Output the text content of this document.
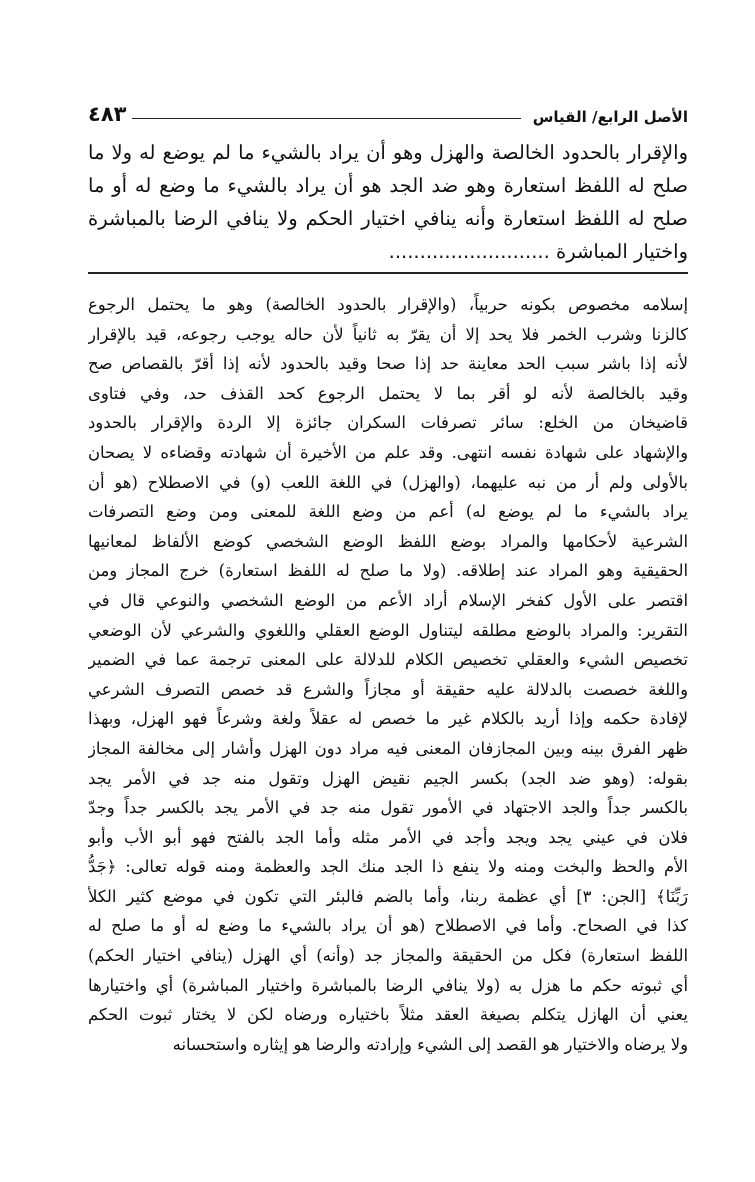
الأصل الرابع/ القياس
٤٨٣
والإقرار بالحدود الخالصة والهزل وهو أن يراد بالشيء ما لم يوضع له ولا ما
صلح له اللفظ استعارة وهو ضد الجد هو أن يراد بالشيء ما وضع له أو ما
صلح له اللفظ استعارة وأنه ينافي اختيار الحكم ولا ينافي الرضا بالمباشرة
واختيار المباشرة ..........................
إسلامه مخصوص بكونه حربياً، (والإقرار بالحدود الخالصة) وهو ما يحتمل الرجوع
كالزنا وشرب الخمر فلا يحد إلا أن يقرّ به ثانياً لأن حاله يوجب رجوعه، قيد بالإقرار
لأنه إذا باشر سبب الحد معاينة حد إذا صحا وقيد بالحدود لأنه إذا أقرّ بالقصاص صح
وقيد بالخالصة لأنه لو أقر بما لا يحتمل الرجوع كحد القذف حد، وفي فتاوى
قاضيخان من الخلع: سائر تصرفات السكران جائزة إلا الردة والإقرار بالحدود
والإشهاد على شهادة نفسه انتهى. وقد علم من الأخيرة أن شهادته وقضاءه لا يصحان
بالأولى ولم أر من نبه عليهما، (والهزل) في اللغة اللعب (و) في الاصطلاح (هو أن
يراد بالشيء ما لم يوضع له) أعم من وضع اللغة للمعنى ومن وضع التصرفات
الشرعية لأحكامها والمراد بوضع اللفظ الوضع الشخصي كوضع الألفاظ لمعانيها
الحقيقية وهو المراد عند إطلاقه. (ولا ما صلح له اللفظ استعارة) خرج المجاز ومن
اقتصر على الأول كفخر الإسلام أراد الأعم من الوضع الشخصي والنوعي قال في
التقرير: والمراد بالوضع مطلقه ليتناول الوضع العقلي واللغوي والشرعي لأن الوضعي
تخصيص الشيء والعقلي تخصيص الكلام للدلالة على المعنى ترجمة عما في الضمير
واللغة خصصت بالدلالة عليه حقيقة أو مجازاً والشرع قد خصص التصرف الشرعي
لإفادة حكمه وإذا أريد بالكلام غير ما خصص له عقلاً ولغة وشرعاً فهو الهزل، وبهذا
ظهر الفرق بينه وبين المجازفان المعنى فيه مراد دون الهزل وأشار إلى مخالفة المجاز
بقوله: (وهو ضد الجد) بكسر الجيم نقيض الهزل وتقول منه جد في الأمر يجد
بالكسر جداً والجد الاجتهاد في الأمور تقول منه جد في الأمر يجد بالكسر جداً وجدّ
فلان في عيني يجد ويجد وأجد في الأمر مثله وأما الجد بالفتح فهو أبو الأب وأبو
الأم والحظ والبخت ومنه ولا ينفع ذا الجد منك الجد والعظمة ومنه قوله تعالى: ﴿جَدُّ
رَبِّنَا﴾ [الجن: ٣] أي عظمة ربنا، وأما بالضم فالبئر التي تكون في موضع كثير الكلأ
كذا في الصحاح. وأما في الاصطلاح (هو أن يراد بالشيء ما وضع له أو ما صلح له
اللفظ استعارة) فكل من الحقيقة والمجاز جد (وأنه) أي الهزل (ينافي اختيار الحكم)
أي ثبوته حكم ما هزل به (ولا ينافي الرضا بالمباشرة واختيار المباشرة) أي واختيارها
يعني أن الهازل يتكلم بصيغة العقد مثلاً باختياره ورضاه لكن لا يختار ثبوت الحكم
ولا يرضاه والاختيار هو القصد إلى الشيء وإرادته والرضا هو إيثاره واستحسانه
